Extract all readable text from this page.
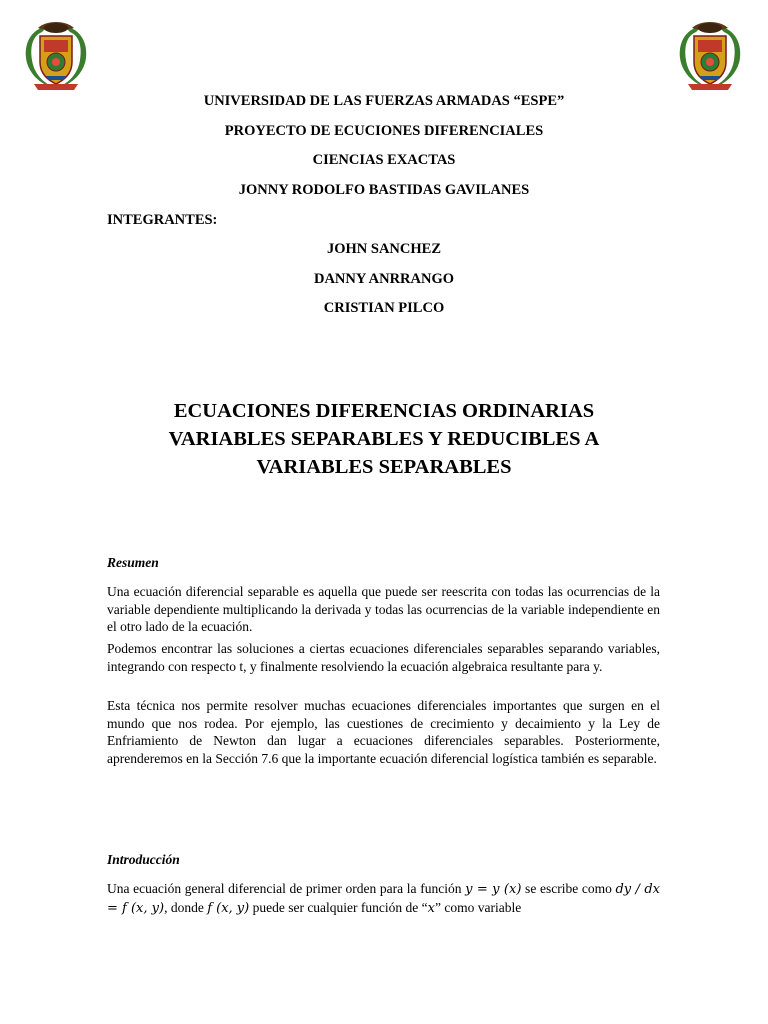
UNIVERSIDAD DE LAS FUERZAS ARMADAS “ESPE”
PROYECTO DE ECUCIONES DIFERENCIALES
CIENCIAS EXACTAS
JONNY RODOLFO BASTIDAS GAVILANES
INTEGRANTES:
JOHN SANCHEZ
DANNY ANRRANGO
CRISTIAN PILCO
ECUACIONES DIFERENCIAS ORDINARIAS
VARIABLES SEPARABLES Y REDUCIBLES A
VARIABLES SEPARABLES
Resumen

Una ecuación diferencial separable es aquella que puede ser reescrita con todas las ocurrencias de la variable dependiente multiplicando la derivada y todas las ocurrencias de la variable independiente en el otro lado de la ecuación.

Podemos encontrar las soluciones a ciertas ecuaciones diferenciales separables separando variables, integrando con respecto t, y finalmente resolviendo la ecuación algebraica resultante para y.

Esta técnica nos permite resolver muchas ecuaciones diferenciales importantes que surgen en el mundo que nos rodea. Por ejemplo, las cuestiones de crecimiento y decaimiento y la Ley de Enfriamiento de Newton dan lugar a ecuaciones diferenciales separables. Posteriormente, aprenderemos en la Sección 7.6 que la importante ecuación diferencial logística también es separable.

Introducción

Una ecuación general diferencial de primer orden para la función y = y (x) se escribe como dy / dx = f (x, y), donde f (x, y) puede ser cualquier función de “x” como variable
